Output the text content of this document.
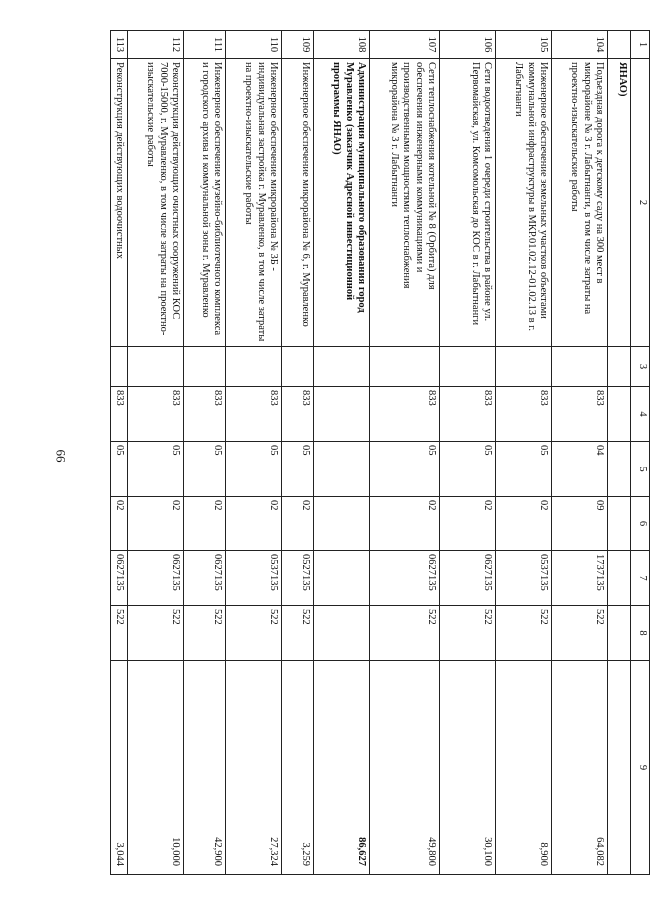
66
1	2	3	4	5	6	7	8	9
	ЯНАО)							
104	Подъездная дорога к детскому саду на 300 мест в микрорайоне № 3 г. Лабытнанги, в том числе затраты на проектно-изыскательские работы		833	04	09	1737135	522	64,082
105	Инженерное обеспечение земельных участков объектами коммунальной инфраструктуры в МКР.01.02.12-01.02.13 в г. Лабытнанги		833	05	02	0537135	522	8,900
106	Сети водоотведения 1 очереди строительства в районе ул. Первомайская, ул. Комсомольская до КОС в г. Лабытнанги		833	05	02	0627135	522	30,100
107	Сети теплоснабжения котельной № 8 (Орбита) для обеспечения инженерными коммуникациями и производственными мощностями теплоснабжения микрорайона № 3 г. Лабытнанги		833	05	02	0627135	522	49,800
108	Администрация муниципального образования город Муравленко (заказчик Адресной инвестиционной программы ЯНАО)							86,627
109	Инженерное обеспечение микрорайона № 6, г. Муравленко		833	05	02	0527135	522	3,259
110	Инженерное обеспечение микрорайона № 3Б - индивидуальная застройка г. Муравленко, в том числе затраты на проектно-изыскательские работы		833	05	02	0537135	522	27,324
111	Инженерное обеспечение музейно-библиотечного комплекса и городского архива и коммунальной зоны г. Муравленко		833	05	02	0627135	522	42,900
112	Реконструкция действующих очистных сооружений КОС 7000-15000, г. Муравленко, в том числе затраты на проектно-изыскательские работы		833	05	02	0627135	522	10,000
113	Реконструкция действующих водоочистных		833	05	02	0627135	522	3,044
